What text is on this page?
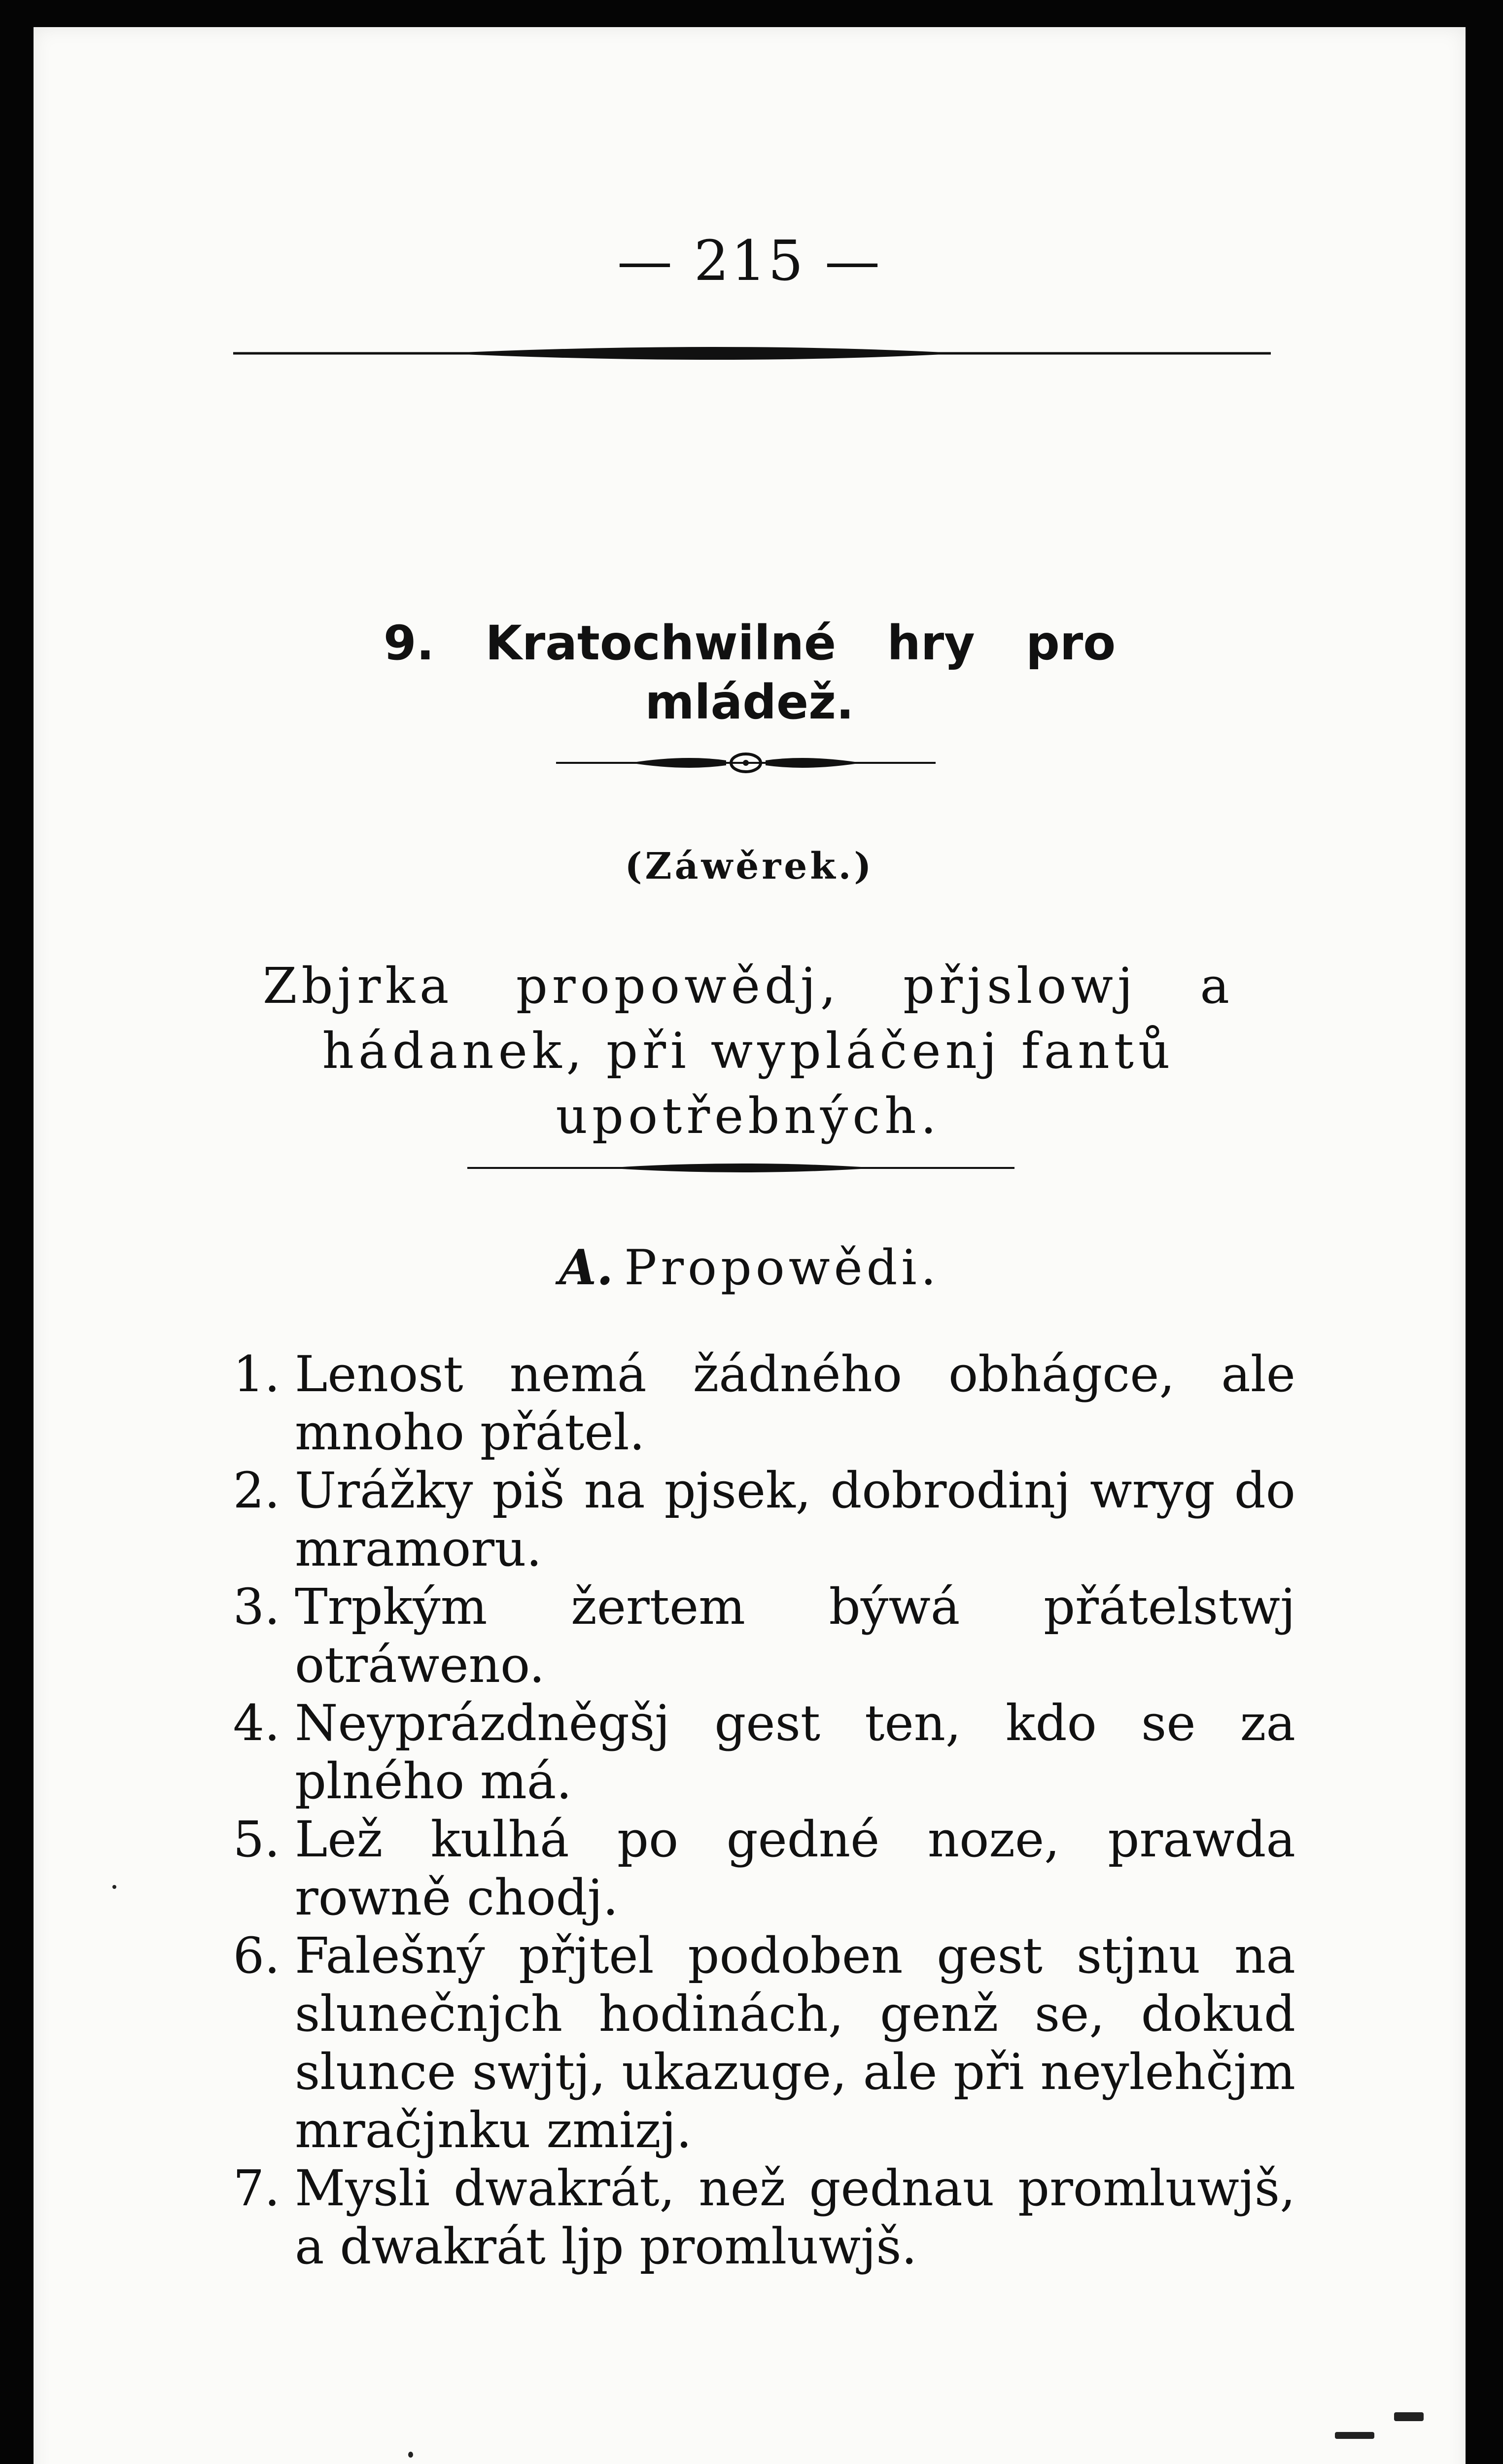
— 215 —
9. Kratochwilné hry pro
mládež.
(Záwěrek.)
Zbjrka propowědj, přjslowj a
hádanek, při wypláčenj fantů
upotřebných.
A. Propowědi.
1. Lenost nemá žádného obhágce, ale mnoho přátel.
2. Urážky piš na pjsek, dobrodinj wryg do mramoru.
3. Trpkým žertem býwá přátelstwj otráweno.
4. Neyprázdněgšj gest ten, kdo se za plného má.
5. Lež kulhá po gedné noze, prawda rowně chodj.
6. Falešný přjtel podoben gest stjnu na slunečnjch hodinách, genž se, dokud slunce swjtj, ukazuge, ale při neylehčjm mračjnku zmizj.
7. Mysli dwakrát, než gednau promluwjš, a dwakrát ljp promluwjš.
